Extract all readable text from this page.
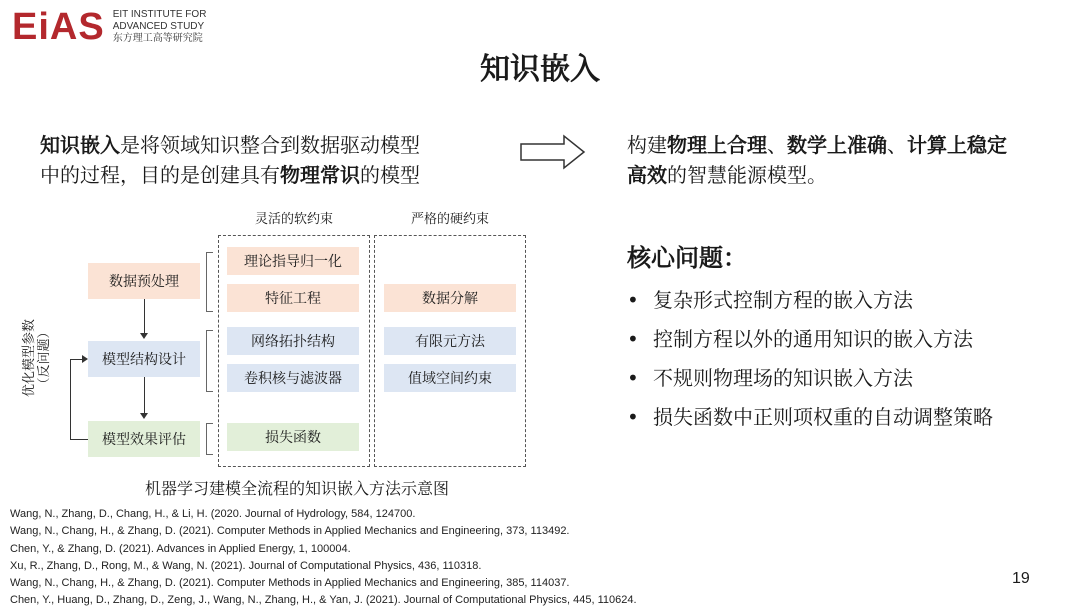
EiAS EIT INSTITUTE FOR
ADVANCED STUDY
东方理工高等研究院
知识嵌入
知识嵌入是将领域知识整合到数据驱动模型
中的过程，目的是创建具有物理常识的模型
构建物理上合理、数学上准确、计算上稳定
高效的智慧能源模型。
核心问题：
• 复杂形式控制方程的嵌入方法
• 控制方程以外的通用知识的嵌入方法
• 不规则物理场的知识嵌入方法
• 损失函数中正则项权重的自动调整策略
灵活的软约束	严格的硬约束
数据预处理
模型结构设计
模型效果评估
优化模型参数 （反问题）
理论指导归一化
特征工程
网络拓扑结构
卷积核与滤波器
损失函数
数据分解
有限元方法
值域空间约束
机器学习建模全流程的知识嵌入方法示意图
Wang, N., Zhang, D., Chang, H., & Li, H. (2020. Journal of Hydrology, 584, 124700.
Wang, N., Chang, H., & Zhang, D. (2021). Computer Methods in Applied Mechanics and Engineering, 373, 113492.
Chen, Y., & Zhang, D. (2021). Advances in Applied Energy, 1, 100004.
Xu, R., Zhang, D., Rong, M., & Wang, N. (2021). Journal of Computational Physics, 436, 110318.
Wang, N., Chang, H., & Zhang, D. (2021). Computer Methods in Applied Mechanics and Engineering, 385, 114037.
Chen, Y., Huang, D., Zhang, D., Zeng, J., Wang, N., Zhang, H., & Yan, J. (2021). Journal of Computational Physics, 445, 110624.
19
